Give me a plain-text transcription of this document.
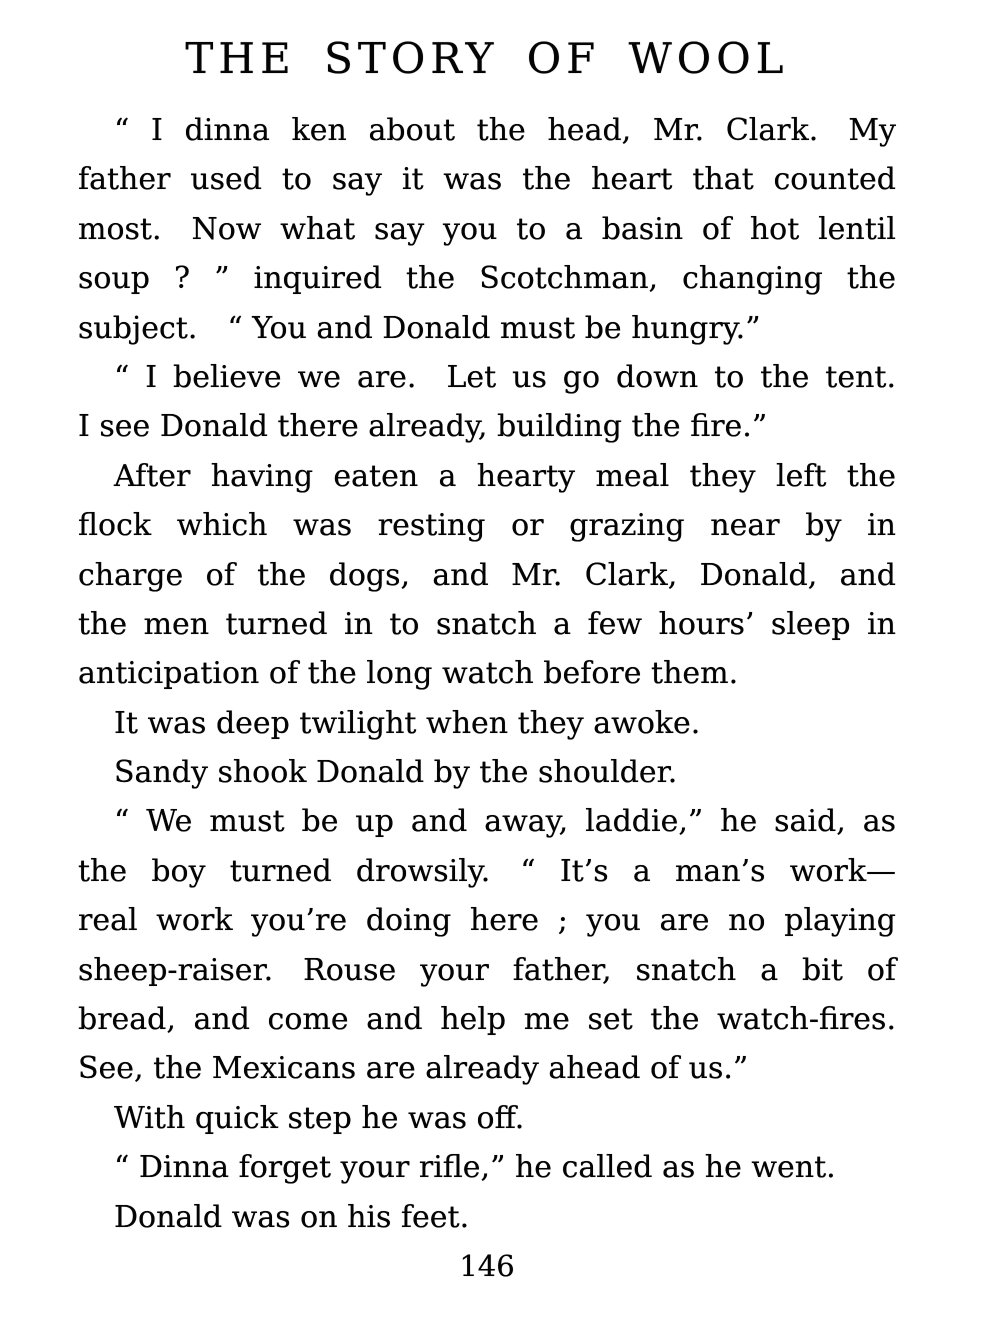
THE STORY OF WOOL
“ I dinna ken about the head, Mr. Clark. My
father used to say it was the heart that counted
most. Now what say you to a basin of hot lentil
soup ? ” inquired the Scotchman, changing the
subject. “ You and Donald must be hungry.”
“ I believe we are. Let us go down to the tent.
I see Donald there already, building the fire.”
After having eaten a hearty meal they left the
flock which was resting or grazing near by in
charge of the dogs, and Mr. Clark, Donald, and
the men turned in to snatch a few hours’ sleep in
anticipation of the long watch before them.
It was deep twilight when they awoke.
Sandy shook Donald by the shoulder.
“ We must be up and away, laddie,” he said, as
the boy turned drowsily. “ It’s a man’s work—
real work you’re doing here ; you are no playing
sheep-raiser. Rouse your father, snatch a bit of
bread, and come and help me set the watch-fires.
See, the Mexicans are already ahead of us.”
With quick step he was off.
“ Dinna forget your rifle,” he called as he went.
Donald was on his feet.
146
